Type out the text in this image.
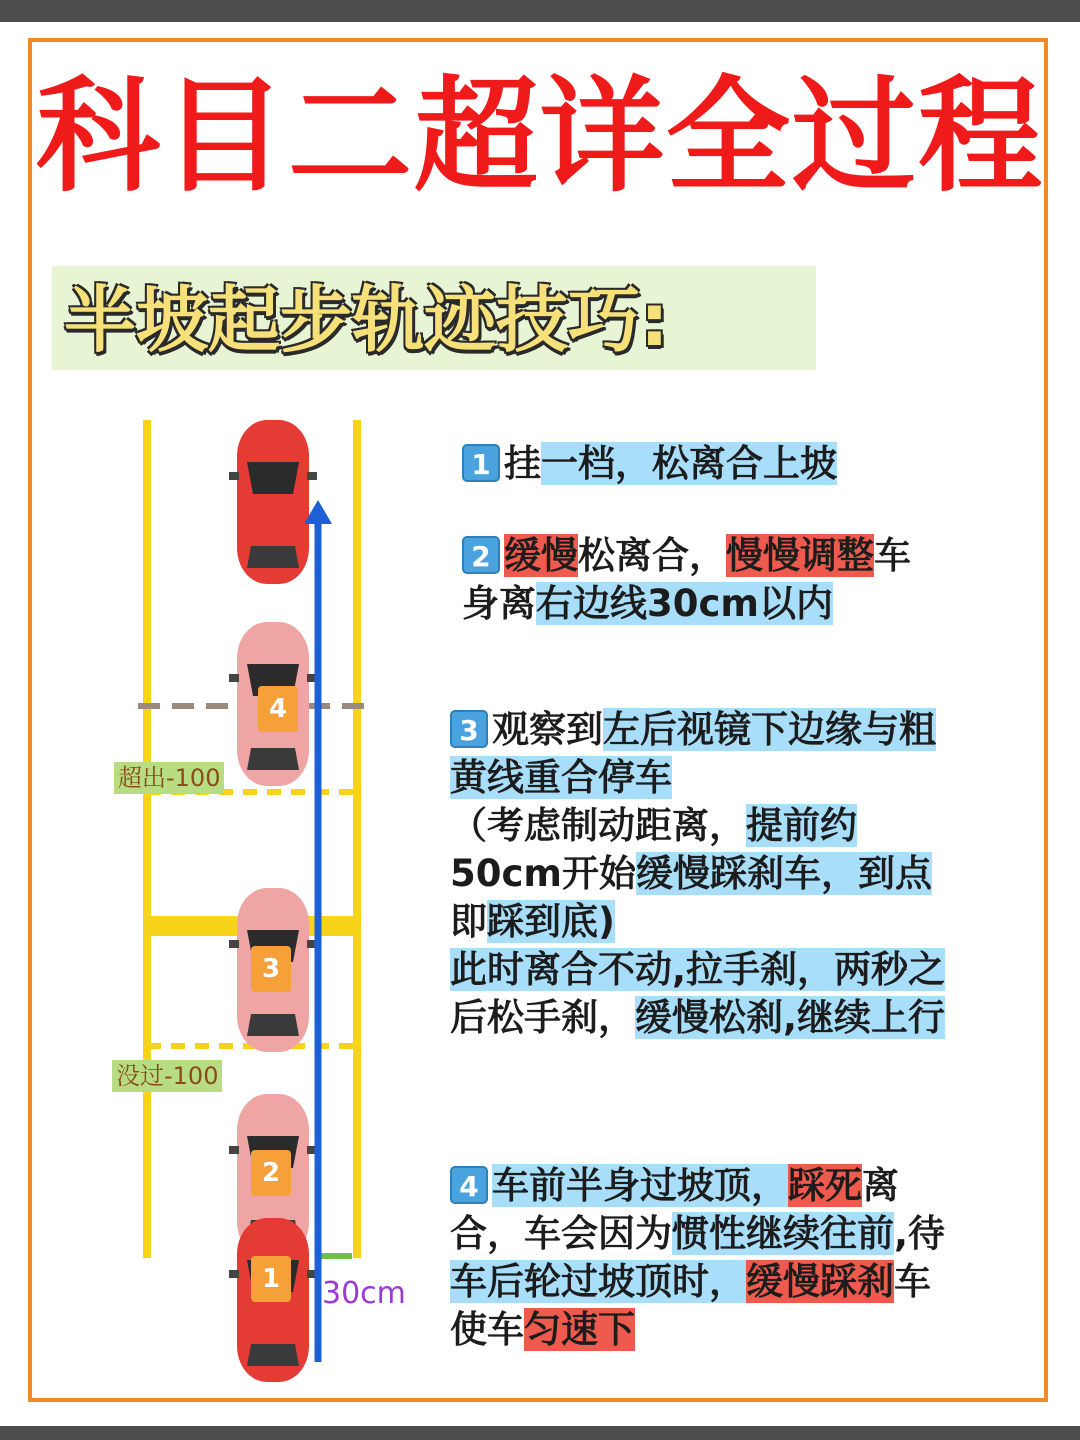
科目二超详全过程
半坡起步轨迹技巧:
1
2
3
4
超出-100
没过-100
30cm
1 挂一档，松离合上坡
2 缓慢松离合，慢慢调整车
身离右边线30cm以内
3 观察到左后视镜下边缘与粗
黄线重合停车
（考虑制动距离，提前约
50cm开始缓慢踩刹车，到点
即踩到底)
此时离合不动,拉手刹，两秒之
后松手刹，缓慢松刹,继续上行
4 车前半身过坡顶，踩死离
合，车会因为惯性继续往前,待
车后轮过坡顶时，缓慢踩刹车
使车匀速下
